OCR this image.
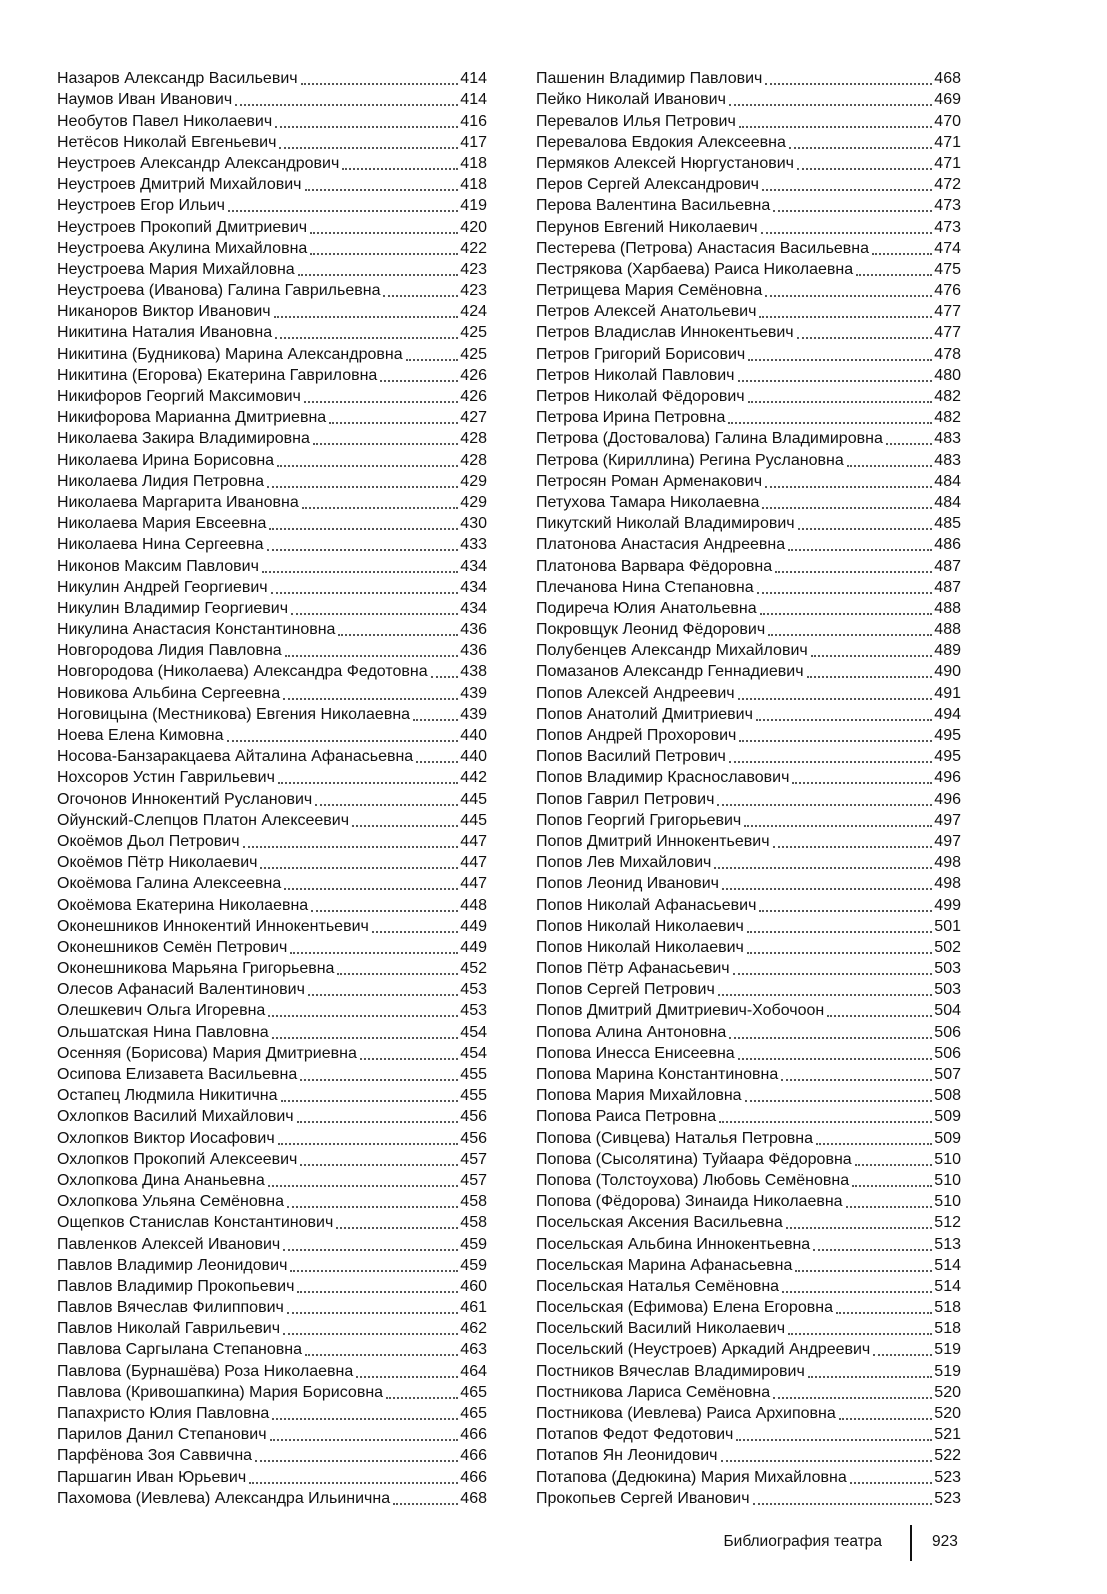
Назаров Александр Васильевич	414
Наумов Иван Иванович	414
Необутов Павел Николаевич	416
Нетёсов Николай Евгеньевич	417
Неустроев Александр Александрович	418
Неустроев Дмитрий Михайлович	418
Неустроев Егор Ильич	419
Неустроев Прокопий Дмитриевич	420
Неустроева Акулина Михайловна	422
Неустроева Мария Михайловна	423
Неустроева (Иванова) Галина Гаврильевна	423
Никаноров Виктор Иванович	424
Никитина Наталия Ивановна	425
Никитина (Будникова) Марина Александровна	425
Никитина (Егорова) Екатерина Гавриловна	426
Никифоров Георгий Максимович	426
Никифорова Марианна Дмитриевна	427
Николаева Закира Владимировна	428
Николаева Ирина Борисовна	428
Николаева Лидия Петровна	429
Николаева Маргарита Ивановна	429
Николаева Мария Евсеевна	430
Николаева Нина Сергеевна	433
Никонов Максим Павлович	434
Никулин Андрей Георгиевич	434
Никулин Владимир Георгиевич	434
Никулина Анастасия Константиновна	436
Новгородова Лидия Павловна	436
Новгородова (Николаева) Александра Федотовна 438
Новикова Альбина Сергеевна	439
Ноговицына (Местникова) Евгения Николаевна	439
Ноева Елена Кимовна	440
Носова-Банзаракцаева Айталина Афанасьевна	440
Нохсоров Устин Гаврильевич	442
Огочонов Иннокентий Русланович	445
Ойунский-Слепцов Платон Алексеевич	445
Окоёмов Дьол Петрович	447
Окоёмов Пётр Николаевич	447
Окоёмова Галина Алексеевна	447
Окоёмова Екатерина Николаевна	448
Оконешников Иннокентий Иннокентьевич	449
Оконешников Семён Петрович	449
Оконешникова Марьяна Григорьевна	452
Олесов Афанасий Валентинович	453
Олешкевич Ольга Игоревна	453
Ольшатская Нина Павловна	454
Осенняя (Борисова) Мария Дмитриевна	454
Осипова Елизавета Васильевна	455
Остапец Людмила Никитична	455
Охлопков Василий Михайлович	456
Охлопков Виктор Иосафович	456
Охлопков Прокопий Алексеевич	457
Охлопкова Дина Ананьевна	457
Охлопкова Ульяна Семёновна	458
Ощепков Станислав Константинович	458
Павленков Алексей Иванович	459
Павлов Владимир Леонидович	459
Павлов Владимир Прокопьевич	460
Павлов Вячеслав Филиппович	461
Павлов Николай Гаврильевич	462
Павлова Саргылана Степановна	463
Павлова (Бурнашёва) Роза Николаевна	464
Павлова (Кривошапкина) Мария Борисовна	465
Папахристо Юлия Павловна	465
Парилов Данил Степанович	466
Парфёнова Зоя Саввична	466
Паршагин Иван Юрьевич	466
Пахомова (Иевлева) Александра Ильинична	468
Пашенин Владимир Павлович	468
Пейко Николай Иванович	469
Перевалов Илья Петрович	470
Перевалова Евдокия Алексеевна	471
Пермяков Алексей Нюргустанович	471
Перов Сергей Александрович	472
Перова Валентина Васильевна	473
Перунов Евгений Николаевич	473
Пестерева (Петрова) Анастасия Васильевна	474
Пестрякова (Харбаева) Раиса Николаевна	475
Петрищева Мария Семёновна	476
Петров Алексей Анатольевич	477
Петров Владислав Иннокентьевич	477
Петров Григорий Борисович	478
Петров Николай Павлович	480
Петров Николай Фёдорович	482
Петрова Ирина Петровна	482
Петрова (Достовалова) Галина Владимировна	483
Петрова (Кириллина) Регина Руслановна	483
Петросян Роман Арменакович	484
Петухова Тамара Николаевна	484
Пикутский Николай Владимирович	485
Платонова Анастасия Андреевна	486
Платонова Варвара Фёдоровна	487
Плечанова Нина Степановна	487
Подиреча Юлия Анатольевна	488
Покровщук Леонид Фёдорович	488
Полубенцев Александр Михайлович	489
Помазанов Александр Геннадиевич	490
Попов Алексей Андреевич	491
Попов Анатолий Дмитриевич	494
Попов Андрей Прохорович	495
Попов Василий Петрович	495
Попов Владимир Краснославович	496
Попов Гаврил Петрович	496
Попов Георгий Григорьевич	497
Попов Дмитрий Иннокентьевич	497
Попов Лев Михайлович	498
Попов Леонид Иванович	498
Попов Николай Афанасьевич	499
Попов Николай Николаевич	501
Попов Николай Николаевич	502
Попов Пётр Афанасьевич	503
Попов Сергей Петрович	503
Попов Дмитрий Дмитриевич-Хобочоон	504
Попова Алина Антоновна	506
Попова Инесса Енисеевна	506
Попова Марина Константиновна	507
Попова Мария Михайловна	508
Попова Раиса Петровна	509
Попова (Сивцева) Наталья Петровна	509
Попова (Сысолятина) Туйаара Фёдоровна	510
Попова (Толстоухова) Любовь Семёновна	510
Попова (Фёдорова) Зинаида Николаевна	510
Посельская Аксения Васильевна	512
Посельская Альбина Иннокентьевна	513
Посельская Марина Афанасьевна	514
Посельская Наталья Семёновна	514
Посельская (Ефимова) Елена Егоровна	518
Посельский Василий Николаевич	518
Посельский (Неустроев) Аркадий Андреевич	519
Постников Вячеслав Владимирович	519
Постникова Лариса Семёновна	520
Постникова (Иевлева) Раиса Архиповна	520
Потапов Федот Федотович	521
Потапов Ян Леонидович	522
Потапова (Дедюкина) Мария Михайловна	523
Прокопьев Сергей Иванович	523
Библиография театра	923
